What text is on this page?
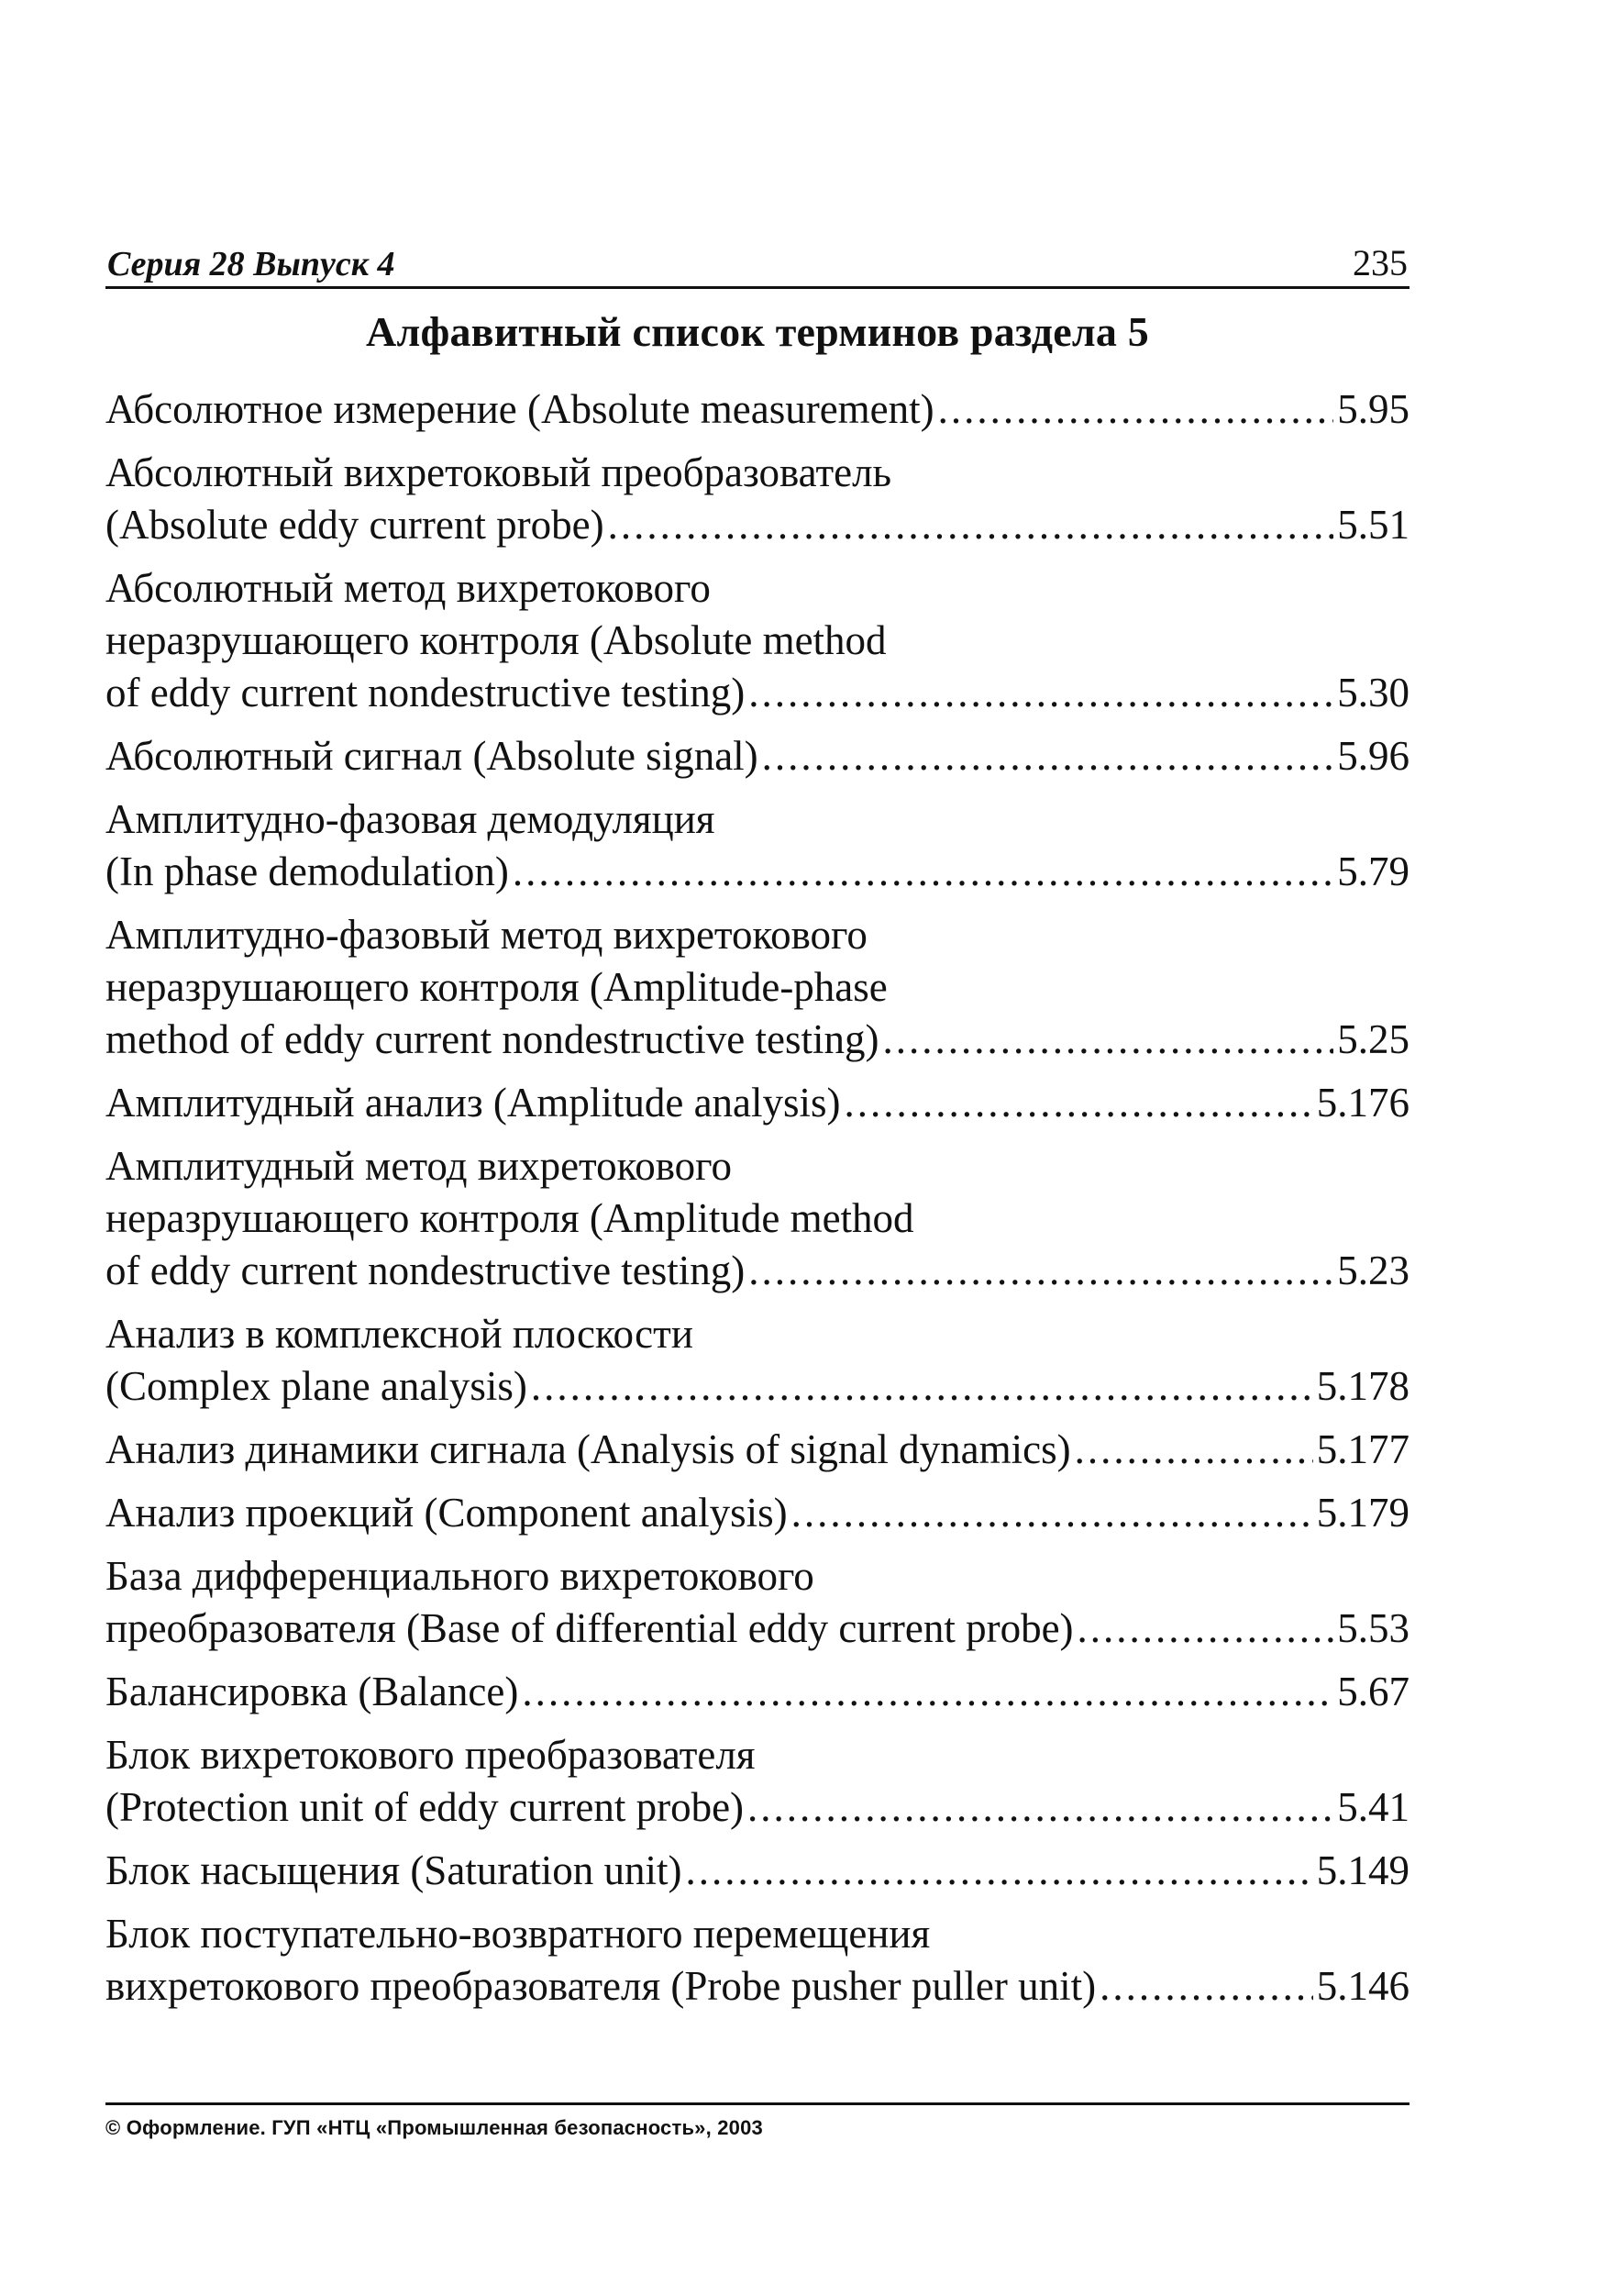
Серия 28 Выпуск 4	235
Алфавитный список терминов раздела 5
Абсолютное измерение (Absolute measurement) .....	5.95
Абсолютный вихретоковый преобразователь
(Absolute eddy current probe) .....	5.51
Абсолютный метод вихретокового
неразрушающего контроля (Absolute method
of eddy current nondestructive testing) .....	5.30
Абсолютный сигнал (Absolute signal) .....	5.96
Амплитудно-фазовая демодуляция
(In phase demodulation) .....	5.79
Амплитудно-фазовый метод вихретокового
неразрушающего контроля (Amplitude-phase
method of eddy current nondestructive testing) .....	5.25
Амплитудный анализ (Amplitude analysis) .....	5.176
Амплитудный метод вихретокового
неразрушающего контроля (Amplitude method
of eddy current nondestructive testing) .....	5.23
Анализ в комплексной плоскости
(Complex plane analysis) .....	5.178
Анализ динамики сигнала (Analysis of signal dynamics) .....	5.177
Анализ проекций (Component analysis) .....	5.179
База дифференциального вихретокового
преобразователя (Base of differential eddy current probe) .....	5.53
Балансировка (Balance) .....	5.67
Блок вихретокового преобразователя
(Protection unit of eddy current probe) .....	5.41
Блок насыщения (Saturation unit) .....	5.149
Блок поступательно-возвратного перемещения
вихретокового преобразователя (Probe pusher puller unit) .....	5.146
© Оформление. ГУП «НТЦ «Промышленная безопасность», 2003
